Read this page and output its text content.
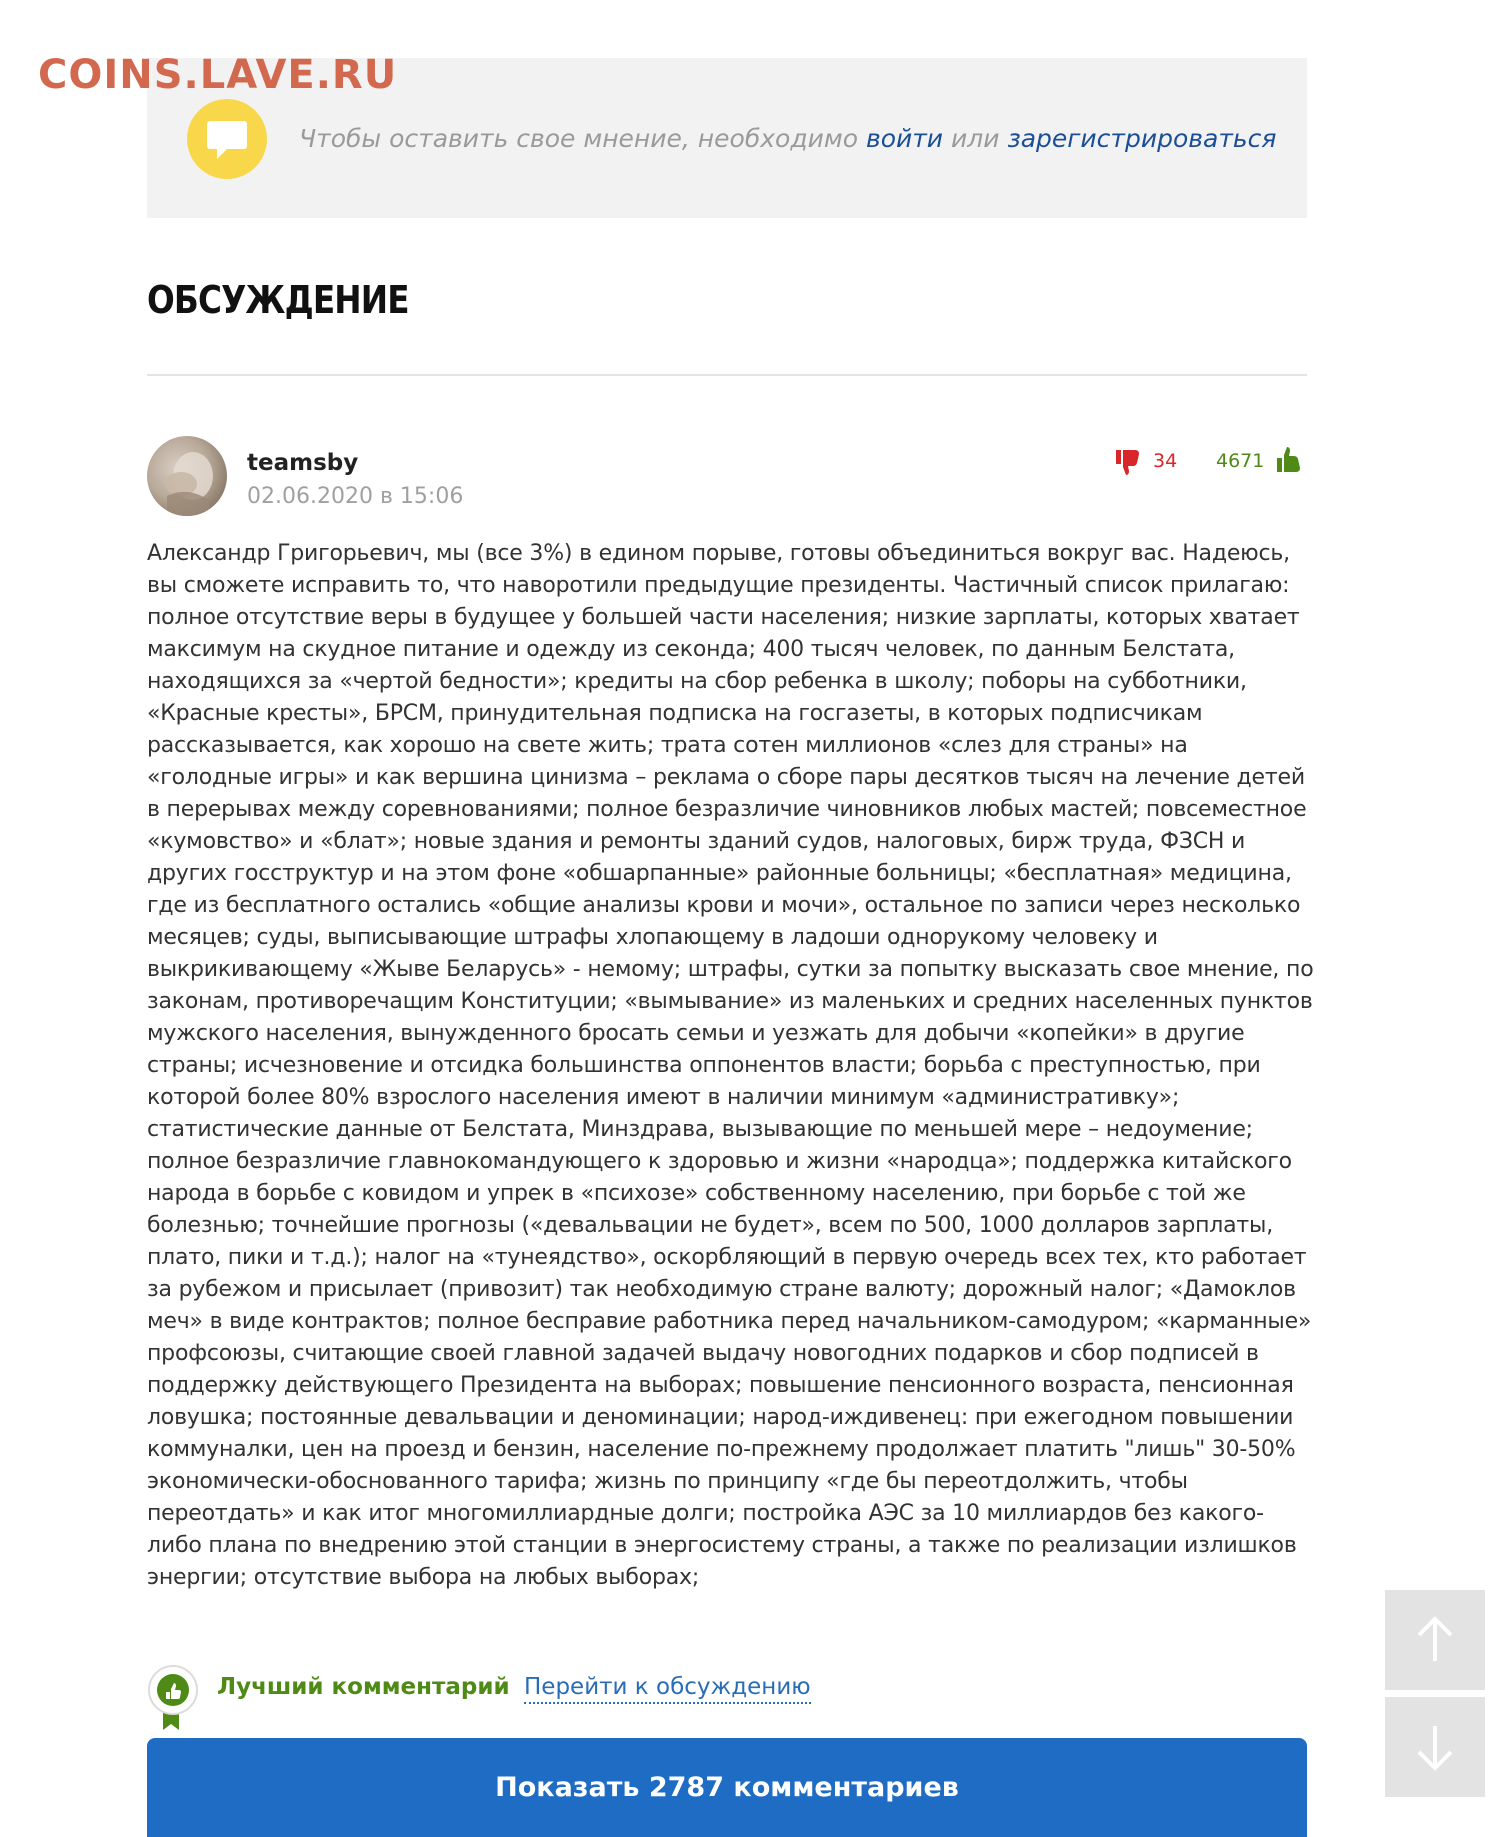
COINS.LAVE.RU
Чтобы оставить свое мнение, необходимо войти или зарегистрироваться
ОБСУЖДЕНИЕ
teamsby
02.06.2020 в 15:06
34 4671

Александр Григорьевич, мы (все 3%) в едином порыве, готовы объединиться вокруг вас. Надеюсь, вы сможете исправить то, что наворотили предыдущие президенты. Частичный список прилагаю:

полное отсутствие веры в будущее у большей части населения; низкие зарплаты, которых хватает максимум на скудное питание и одежду из секонда; 400 тысяч человек, по данным Белстата, находящихся за «чертой бедности»; кредиты на сбор ребенка в школу; поборы на субботники, «Красные кресты», БРСМ, принудительная подписка на госгазеты, в которых подписчикам рассказывается, как хорошо на свете жить; трата сотен миллионов «слез для страны» на «голодные игры» и как вершина цинизма – реклама о сборе пары десятков тысяч на лечение детей в перерывах между соревнованиями; полное безразличие чиновников любых мастей; повсеместное «кумовство» и «блат»; новые здания и ремонты зданий судов, налоговых, бирж труда, ФЗСН и других госструктур и на этом фоне «обшарпанные» районные больницы; «бесплатная» медицина, где из бесплатного остались «общие анализы крови и мочи», остальное по записи через несколько месяцев; суды, выписывающие штрафы хлопающему в ладоши однорукому человеку и выкрикивающему «Жыве Беларусь» - немому; штрафы, сутки за попытку высказать свое мнение, по законам, противоречащим Конституции; «вымывание» из маленьких и средних населенных пунктов мужского населения, вынужденного бросать семьи и уезжать для добычи «копейки» в другие страны; исчезновение и отсидка большинства оппонентов власти; борьба с преступностью, при которой более 80% взрослого населения имеют в наличии минимум «административку»; статистические данные от Белстата, Минздрава, вызывающие по меньшей мере – недоумение; полное безразличие главнокомандующего к здоровью и жизни «народца»; поддержка китайского народа в борьбе с ковидом и упрек в «психозе» собственному населению, при борьбе с той же болезнью; точнейшие прогнозы («девальвации не будет», всем по 500, 1000 долларов зарплаты, плато, пики и т.д.); налог на «тунеядство», оскорбляющий в первую очередь всех тех, кто работает за рубежом и присылает (привозит) так необходимую стране валюту; дорожный налог; «Дамоклов меч» в виде контрактов; полное бесправие работника перед начальником-самодуром; «карманные» профсоюзы, считающие своей главной задачей выдачу новогодних подарков и сбор подписей в поддержку действующего Президента на выборах; повышение пенсионного возраста, пенсионная ловушка; постоянные девальвации и деноминации; народ-иждивенец: при ежегодном повышении коммуналки, цен на проезд и бензин, население по-прежнему продолжает платить "лишь" 30-50% экономически-обоснованного тарифа; жизнь по принципу «где бы переотдолжить, чтобы переотдать» и как итог многомиллиардные долги; постройка АЭС за 10 миллиардов без какого-либо плана по внедрению этой станции в энергосистему страны, а также по реализации излишков энергии; отсутствие выбора на любых выборах;

Лучший комментарий Перейти к обсуждению
Показать 2787 комментариев
